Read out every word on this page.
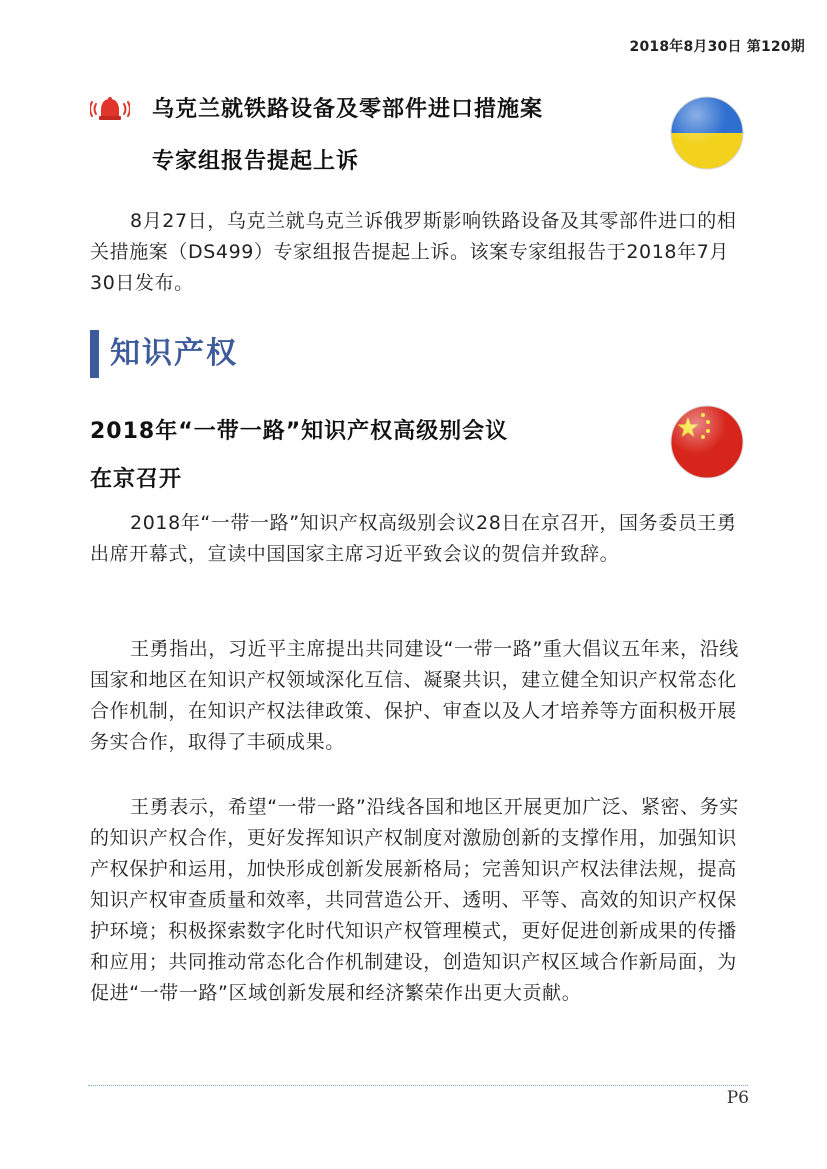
2018年8月30日 第120期
乌克兰就铁路设备及零部件进口措施案
专家组报告提起上诉

8月27日，乌克兰就乌克兰诉俄罗斯影响铁路设备及其零部件进口的相关措施案（DS499）专家组报告提起上诉。该案专家组报告于2018年7月30日发布。

知识产权
2018年“一带一路”知识产权高级别会议
在京召开

2018年“一带一路”知识产权高级别会议28日在京召开，国务委员王勇出席开幕式，宣读中国国家主席习近平致会议的贺信并致辞。

王勇指出，习近平主席提出共同建设“一带一路”重大倡议五年来，沿线国家和地区在知识产权领域深化互信、凝聚共识，建立健全知识产权常态化合作机制，在知识产权法律政策、保护、审查以及人才培养等方面积极开展务实合作，取得了丰硕成果。

王勇表示，希望“一带一路”沿线各国和地区开展更加广泛、紧密、务实的知识产权合作，更好发挥知识产权制度对激励创新的支撑作用，加强知识产权保护和运用，加快形成创新发展新格局；完善知识产权法律法规，提高知识产权审查质量和效率，共同营造公开、透明、平等、高效的知识产权保护环境；积极探索数字化时代知识产权管理模式，更好促进创新成果的传播和应用；共同推动常态化合作机制建设，创造知识产权区域合作新局面，为促进“一带一路”区域创新发展和经济繁荣作出更大贡献。

P6
